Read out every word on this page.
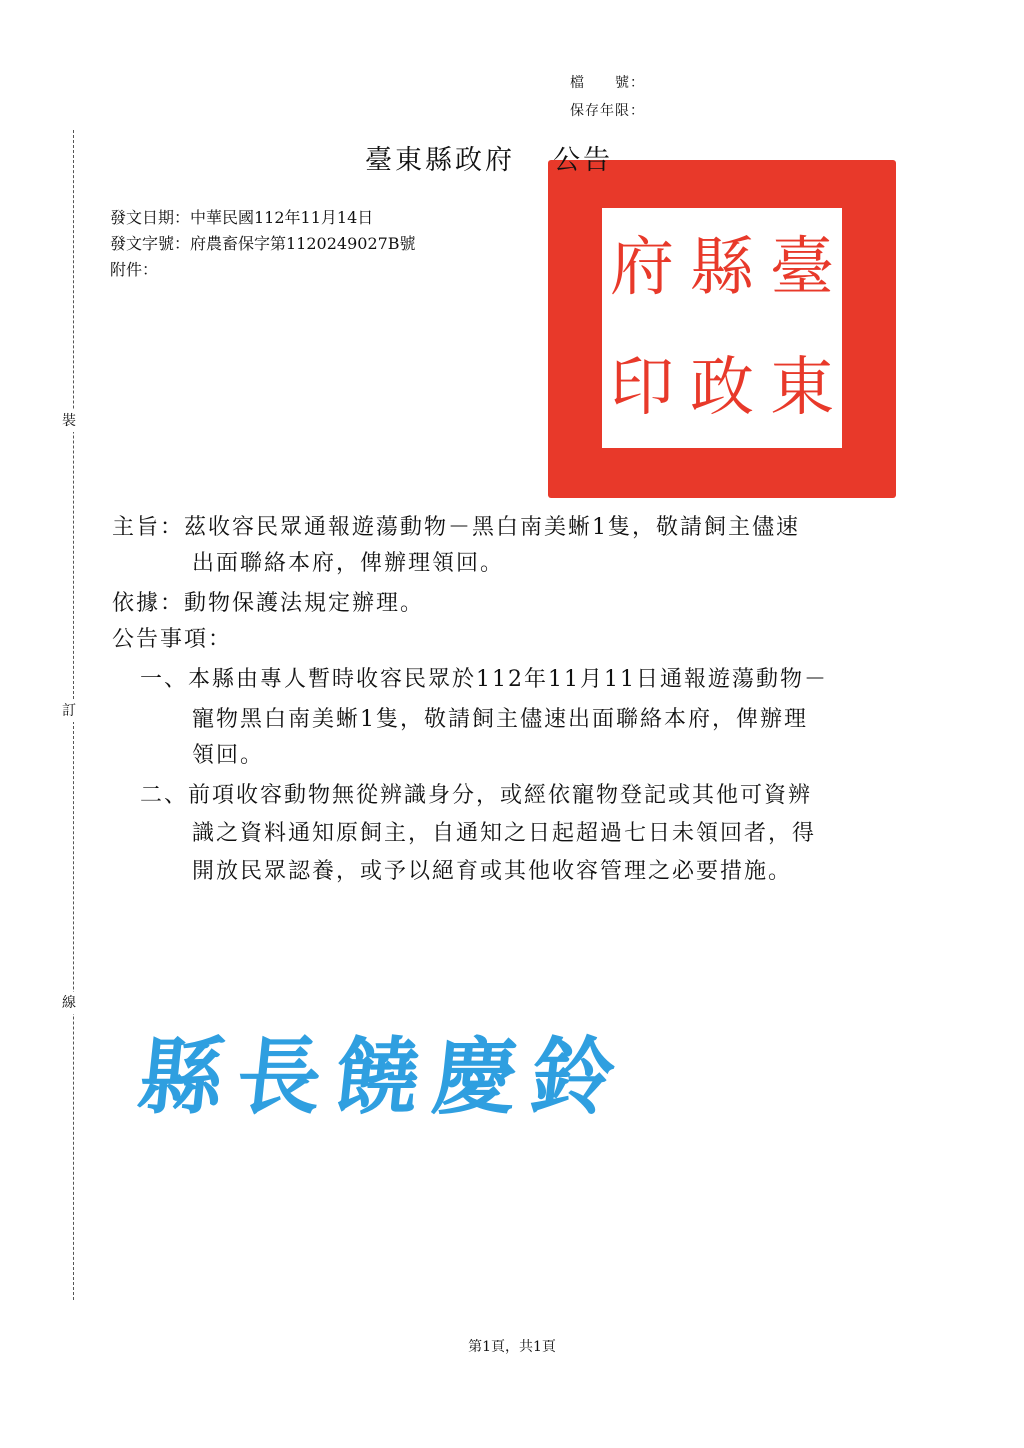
裝
訂
線
檔　　號：
保存年限：
臺
東
縣
政
府
印
臺東縣政府 公告
發文日期：中華民國112年11月14日
發文字號：府農畜保字第1120249027B號
附件：
主旨：茲收容民眾通報遊蕩動物－黑白南美蜥1隻，敬請飼主儘速
出面聯絡本府，俾辦理領回。
依據：動物保護法規定辦理。
公告事項：
一、本縣由專人暫時收容民眾於112年11月11日通報遊蕩動物－
寵物黑白南美蜥1隻，敬請飼主儘速出面聯絡本府，俾辦理
領回。
二、前項收容動物無從辨識身分，或經依寵物登記或其他可資辨
識之資料通知原飼主，自通知之日起超過七日未領回者，得
開放民眾認養，或予以絕育或其他收容管理之必要措施。
縣長饒慶鈴
第1頁，共1頁
